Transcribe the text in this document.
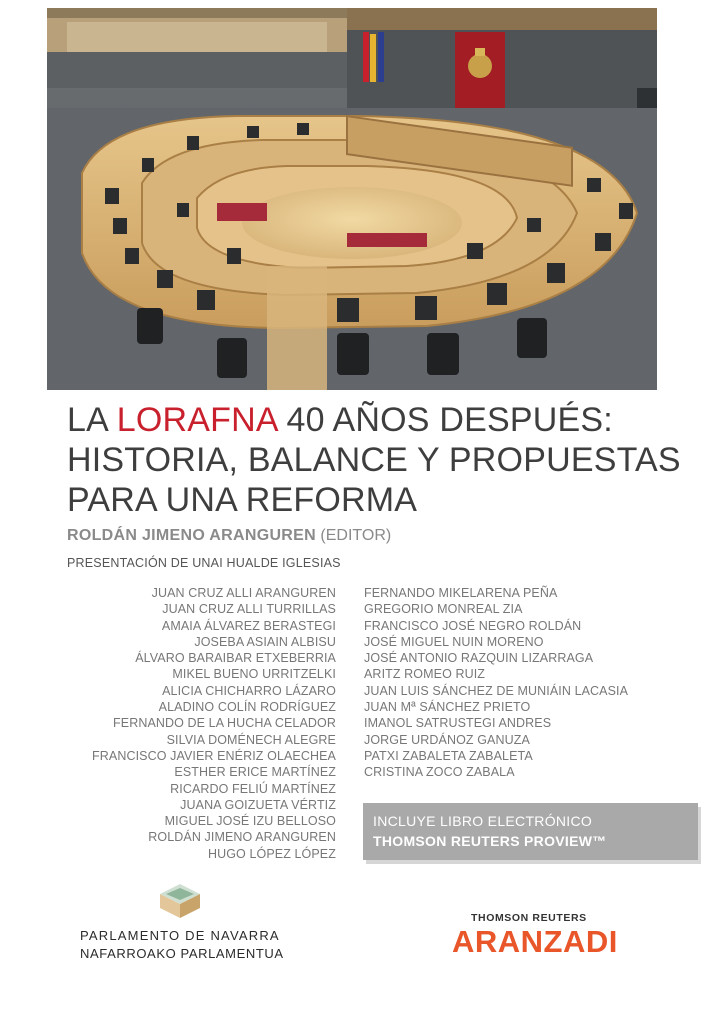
LA LORAFNA 40 AÑOS DESPUÉS:
HISTORIA, BALANCE Y PROPUESTAS
PARA UNA REFORMA
ROLDÁN JIMENO ARANGUREN (EDITOR)
PRESENTACIÓN DE UNAI HUALDE IGLESIAS
JUAN CRUZ ALLI ARANGUREN
JUAN CRUZ ALLI TURRILLAS
AMAIA ÁLVAREZ BERASTEGI
JOSEBA ASIAIN ALBISU
ÁLVARO BARAIBAR ETXEBERRIA
MIKEL BUENO URRITZELKI
ALICIA CHICHARRO LÁZARO
ALADINO COLÍN RODRÍGUEZ
FERNANDO DE LA HUCHA CELADOR
SILVIA DOMÉNECH ALEGRE
FRANCISCO JAVIER ENÉRIZ OLAECHEA
ESTHER ERICE MARTÍNEZ
RICARDO FELIÚ MARTÍNEZ
JUANA GOIZUETA VÉRTIZ
MIGUEL JOSÉ IZU BELLOSO
ROLDÁN JIMENO ARANGUREN
HUGO LÓPEZ LÓPEZ
FERNANDO MIKELARENA PEÑA
GREGORIO MONREAL ZIA
FRANCISCO JOSÉ NEGRO ROLDÁN
JOSÉ MIGUEL NUIN MORENO
JOSÉ ANTONIO RAZQUIN LIZARRAGA
ARITZ ROMEO RUIZ
JUAN LUIS SÁNCHEZ DE MUNIÁIN LACASIA
JUAN Mª SÁNCHEZ PRIETO
IMANOL SATRUSTEGI ANDRES
JORGE URDÁNOZ GANUZA
PATXI ZABALETA ZABALETA
CRISTINA ZOCO ZABALA
INCLUYE LIBRO ELECTRÓNICO
THOMSON REUTERS PROVIEW™
PARLAMENTO DE NAVARRA
NAFARROAKO PARLAMENTUA
THOMSON REUTERS
ARANZADI
